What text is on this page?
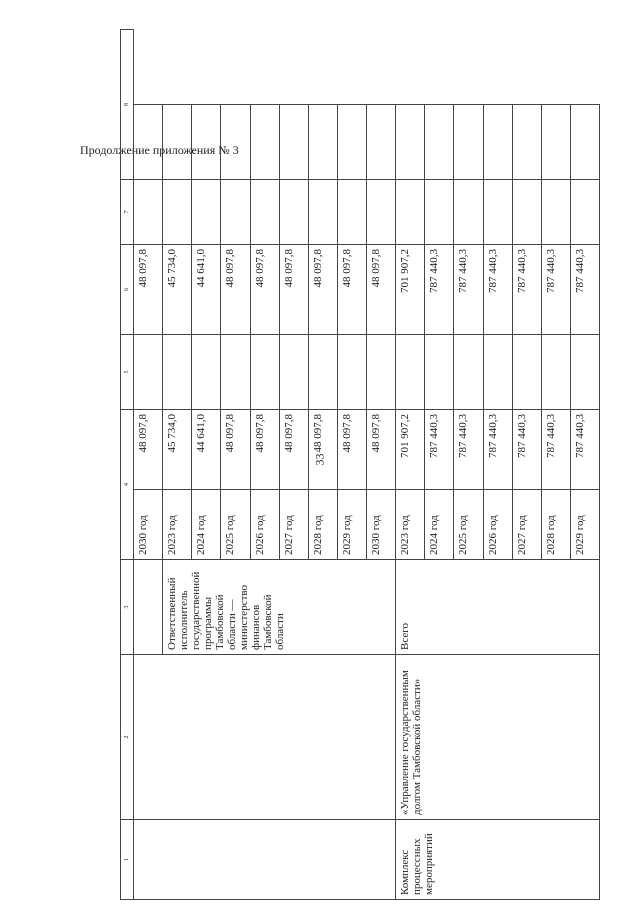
33
Продолжение приложения № 3
1	2	3	4		5	6	7	8
			2030 год	48 097,8		48 097,8		
		Ответственный исполнитель государственной программы Тамбовской области — министерство финансов Тамбовской области	2023 год	45 734,0		45 734,0		
			2024 год	44 641,0		44 641,0		
			2025 год	48 097,8		48 097,8		
			2026 год	48 097,8		48 097,8		
			2027 год	48 097,8		48 097,8		
			2028 год	48 097,8		48 097,8		
			2029 год	48 097,8		48 097,8		
			2030 год	48 097,8		48 097,8		
Комплекс процессных мероприятий	«Управление государственным долгом Тамбовской области»	Всего	2023 год	701 907,2		701 907,2		
			2024 год	787 440,3		787 440,3		
			2025 год	787 440,3		787 440,3		
			2026 год	787 440,3		787 440,3		
			2027 год	787 440,3		787 440,3		
			2028 год	787 440,3		787 440,3		
			2029 год	787 440,3		787 440,3		
